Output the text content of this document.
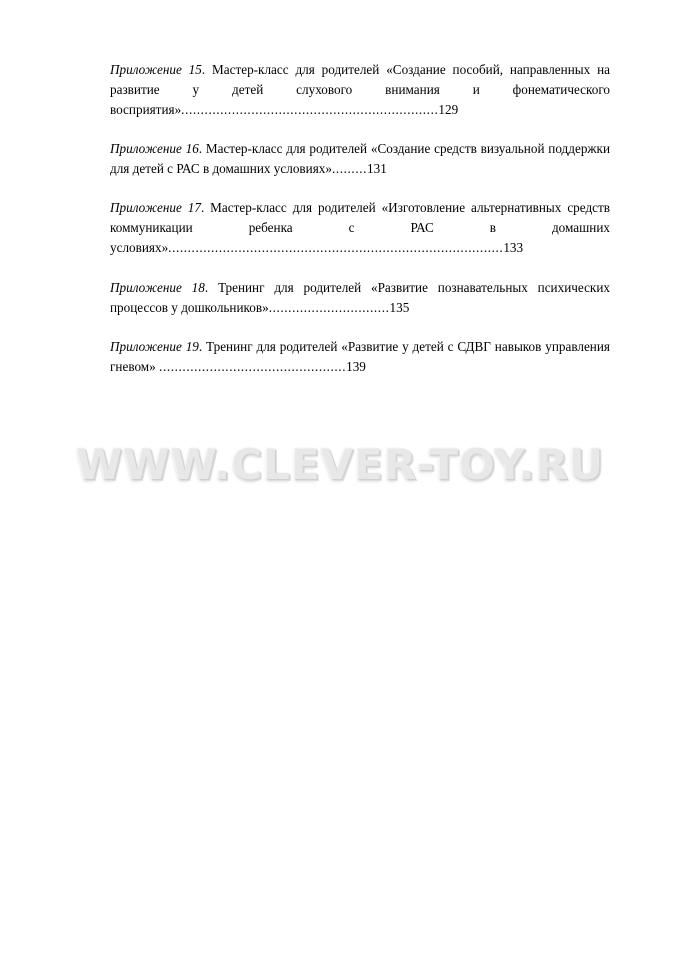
Приложение 15. Мастер-класс для родителей «Создание пособий, направленных на развитие у детей слухового внимания и фонематического восприятия»..................................................................129
Приложение 16. Мастер-класс для родителей «Создание средств визуальной поддержки для детей с РАС в домашних условиях».........131
Приложение 17. Мастер-класс для родителей «Изготовление альтернативных средств коммуникации ребенка с РАС в домашних условиях»......................................................................................133
Приложение 18. Тренинг для родителей «Развитие познавательных психических процессов у дошкольников»...............................135
Приложение 19. Тренинг для родителей «Развитие у детей с СДВГ навыков управления гневом» ................................................139
WWW.CLEVER-TOY.RU
